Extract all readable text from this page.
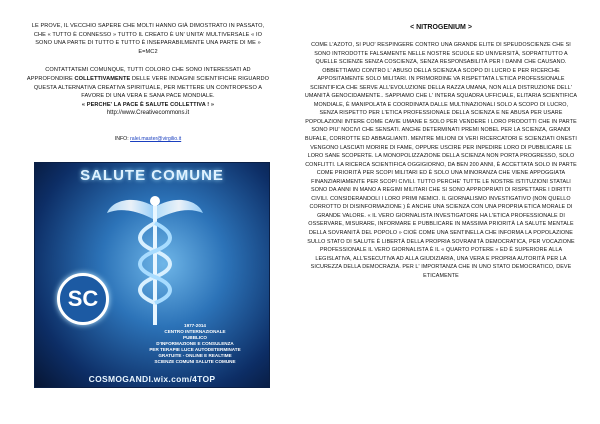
LE PROVE, IL VECCHIO SAPERE CHE MOLTI HANNO GIÀ DIMOSTRATO IN PASSATO, CHE « TUTTO È CONNESSO » TUTTO IL CREATO È UN' UNITA' MULTIVERSALE « IO SONO UNA PARTE DI TUTTO E TUTTO È INSEPARABILMENTE UNA PARTE DI ME » E=MC2

CONTATTATEMI COMUNQUE, TUTTI COLORO CHE SONO INTERESSATI AD APPROFONDIRE COLLETTIVAMENTE DELLE VERE INDAGINI SCIENTIFICHE RIGUARDO QUESTA ALTERNATIVA CREATIVA SPIRITUALE, PER METTERE UN CONTROPESO A FAVORE DI UNA VERA E SANA PACE MONDIALE.
« PERCHE' LA PACE È SALUTE COLLETTIVA ! »

http://www.Creativecommons.it

INFO: ralei.master@virgilio.it
SALUTE COMUNE
SC
1977-2014
CENTRO INTERNAZIONALE
PUBBLICO
D'INFORMAZIONE E CONSULENZA
PER TERAPIE LUCE AUTODETERMINATE
GRATUITE - ONLINE E REALTIME
SCIENZE COMUNI SALUTE COMUNE
COSMOGANDI.wix.com/4TOP

< NITROGENIUM >

COME L'AZOTO, SI PUO' RESPINGERE CONTRO UNA GRANDE ELITE DI SPEUDOSCIENZE CHE SI SONO INTRODOTTE FALSAMENTE NELLE NOSTRE SCUOLE ED UNIVERSITÀ, SOPRATTUTTO A QUELLE SCIENZE SENZA COSCIENZA, SENZA RESPONSABILITÀ PER I DANNI CHE CAUSANO. OBBIETTIAMO CONTRO L' ABUSO DELLA SCIENZA A SCOPO DI LUCRO E PER RICERCHE APPOSITAMENTE SOLO MILITARI. IN PRIMORDINE VA RISPETTATA L'ETICA PROFESSIONALE SCIENTIFICA CHE SERVE ALL'EVOLUZIONE DELLA RAZZA UMANA, NON ALLA DISTRUZIONE DELL' UMANITÀ GENOCIDAMENTE.. SAPPIAMO CHE L' INTERA SQUADRA UFFICIALE, ELITARIA SCIENTIFICA MONDIALE, È MANIPOLATA E COORDINATA DALLE MULTINAZIONALI SOLO A SCOPO DI LUCRO, SENZA RISPETTO PER L'ETICA PROFESSIONALE DELLA SCIENZA E NE ABUSA PER USARE POPOLAZIONI INTERE COME CAVIE UMANE E SOLO PER VENDERE I LORO PRODOTTI CHE IN PARTE SONO PIU' NOCIVI CHE SENSATI. ANCHE DETERMINATI PREMI NOBEL PER LA SCIENZA, GRANDI BUFALE, CORROTTE ED ABBAGLIANTI. MENTRE MILIONI DI VERI RICERCATORI E SCIENZIATI ONESTI VENGONO LASCIATI MORIRE DI FAME, OPPURE USCIRE PER INPEDIRE LORO DI PUBBLICARE LE LORO SANE SCOPERTE. LA MONOPOLIZZAZIONE DELLA SCIENZA NON PORTA PROGRESSO, SOLO CONFLITTI. LA RICERCA SCIENTIFICA OGGIGIORNO, DA BEN 200 ANNI, È ACCETTATA SOLO IN PARTE COME PRIORITÀ PER SCOPI MILITARI ED È SOLO UNA MINORANZA CHE VIENE APPOGGIATA FINANZIARIAMENTE PER SCOPI CIVILI. TUTTO PERCHE' TUTTE LE NOSTRE ISTITUZIONI STATALI SONO DA ANNI IN MANO A REGIMI MILITARI CHE SI SONO APPROPRIATI DI RISPETTARE I DIRITTI CIVILI. CONSIDERANDOLI I LORO PRIMI NEMICI. IL GIORNALISMO INVESTIGATIVO (NON QUELLO CORROTTO DI DISINFORMAZIONE ) È ANCHE UNA SCIENZA CON UNA PROPRIA ETICA MORALE DI GRANDE VALORE. « IL VERO GIORNALISTA INVESTIGATORE HA L'ETICA PROFESSIONALE DI OSSERVARE, MISURARE, INFORMARE E PUBBLICARE IN MASSIMA PRIORITÀ LA SALUTE MENTALE DELLA SOVRANITÀ DEL POPOLO » CIOÈ COME UNA SENTINELLA CHE INFORMA LA POPOLAZIONE SULLO STATO DI SALUTE È LIBERTÀ DELLA PROPRIA SOVRANITÀ DEMOCRATICA, PER VOCAZIONE PROFESSIONALE IL VERO GIORNALISTA È IL « QUARTO POTERE » ED È SUPERIORE ALLA LEGISLATIVA, ALL'ESECUTIVA AD ALLA GIUDIZIARIA, UNA VERA E PROPRIA AUTORITÀ PER LA SICUREZZA DELLA DEMOCRAZIA. PER L' IMPORTANZA CHE IN UNO STATO DEMOCRATICO, DEVE ETICAMENTE
